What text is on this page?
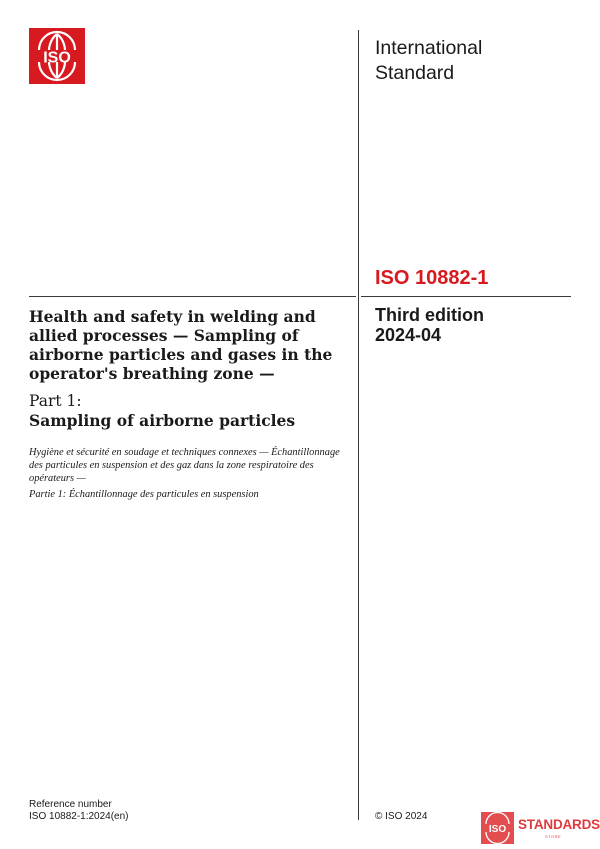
ISO	International
Standard
ISO 10882-1
Third edition
2024-04
Health and safety in welding and allied processes — Sampling of airborne particles and gases in the operator's breathing zone —

Part 1:

Sampling of airborne particles

Hygiène et sécurité en soudage et techniques connexes — Échantillonnage des particules en suspension et des gaz dans la zone respiratoire des opérateurs —

Partie 1: Échantillonnage des particules en suspension

Reference number
ISO 10882-1:2024(en)	© ISO 2024
ISO STANDARDS
STORE
